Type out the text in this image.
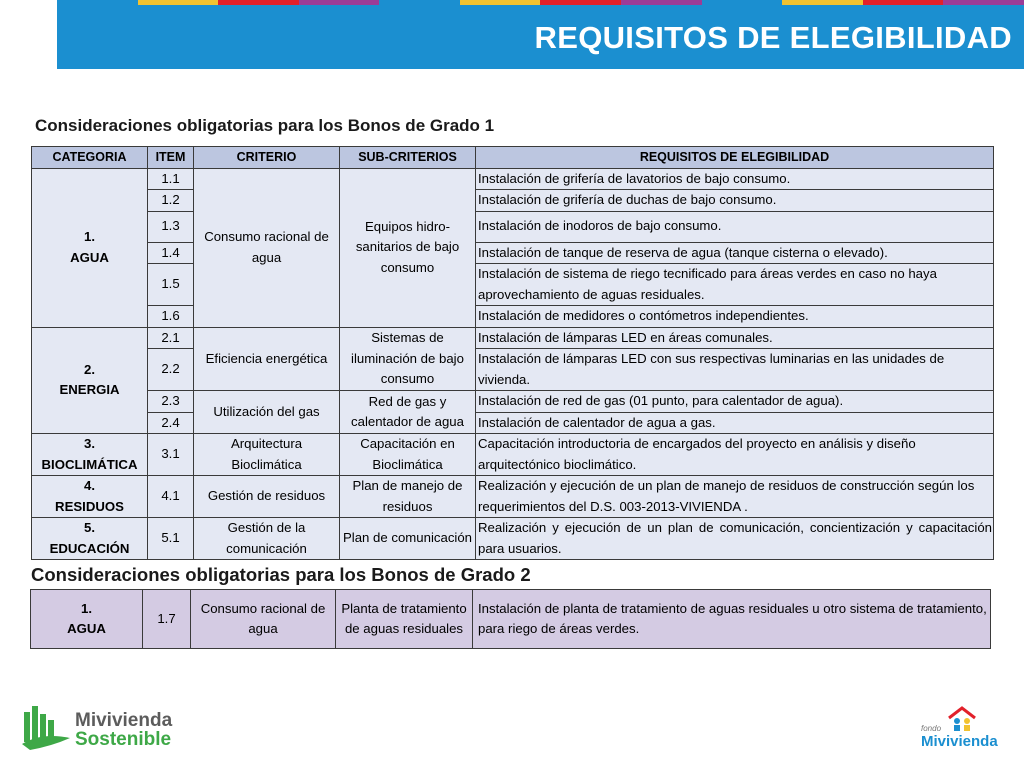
REQUISITOS DE ELEGIBILIDAD
Consideraciones obligatorias para los Bonos de Grado 1
CATEGORIA	ITEM	CRITERIO	SUB-CRITERIOS	REQUISITOS DE ELEGIBILIDAD

1.
AGUA	1.1	Consumo racional de agua	Equipos hidro-sanitarios de bajo consumo	Instalación de grifería de lavatorios de bajo consumo.
	1.2			Instalación de grifería de duchas de bajo consumo.
	1.3			Instalación de inodoros de bajo consumo.
	1.4			Instalación de tanque de reserva de agua (tanque cisterna o elevado).
	1.5			Instalación de sistema de riego tecnificado para áreas verdes en caso no haya aprovechamiento de aguas residuales.
	1.6			Instalación de medidores o contómetros independientes.

2.
ENERGIA	2.1	Eficiencia energética	Sistemas de iluminación de bajo consumo	Instalación de lámparas LED en áreas comunales.
	2.2			Instalación de lámparas LED con sus respectivas luminarias en las unidades de vivienda.
	2.3	Utilización del gas	Red de gas y calentador de agua	Instalación de red de gas (01 punto, para calentador de agua).
	2.4			Instalación de calentador de agua a gas.

3.
BIOCLIMÁTICA	3.1	Arquitectura Bioclimática	Capacitación en Bioclimática	Capacitación introductoria de encargados del proyecto en análisis y diseño arquitectónico bioclimático.

4.
RESIDUOS	4.1	Gestión de residuos	Plan de manejo de residuos	Realización y ejecución de un plan de manejo de residuos de construcción según los requerimientos del D.S. 003-2013-VIVIENDA .

5.
EDUCACIÓN	5.1	Gestión de la comunicación	Plan de comunicación	Realización y ejecución de un plan de comunicación, concientización y capacitación para usuarios.
Consideraciones obligatorias para los Bonos de Grado 2
1.
AGUA
	1.7	Consumo racional de agua	Planta de tratamiento de aguas residuales	Instalación de planta de tratamiento de aguas residuales u otro sistema de tratamiento, para riego de áreas verdes.
Mivivienda
Sostenible
fondo
Mivivienda
